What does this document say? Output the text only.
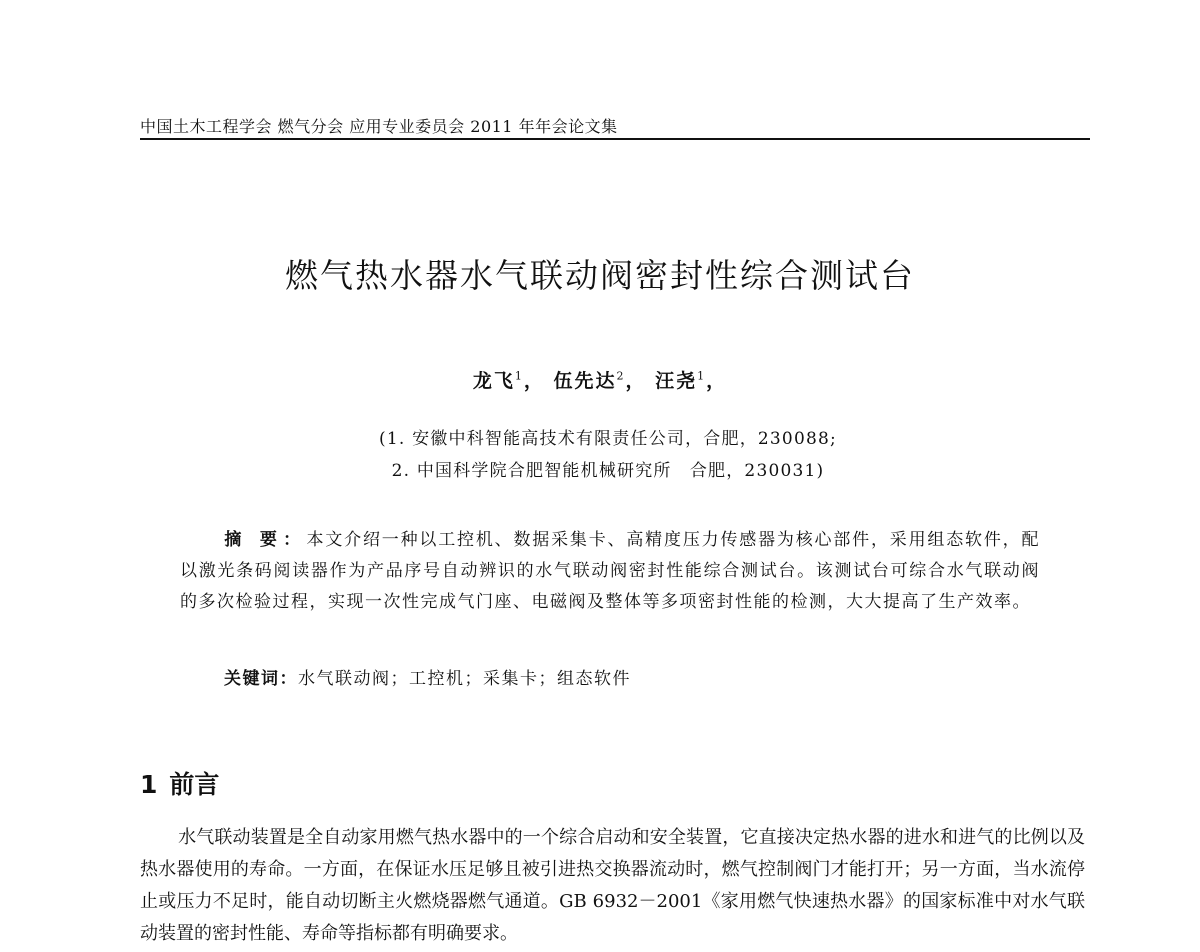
中国土木工程学会 燃气分会 应用专业委员会 2011 年年会论文集
燃气热水器水气联动阀密封性综合测试台
龙飞$^1$， 伍先达$^2$， 汪尧$^1$，
(1. 安徽中科智能高技术有限责任公司，合肥，230088;
2. 中国科学院合肥智能机械研究所　合肥，230031)
摘 要：本文介绍一种以工控机、数据采集卡、高精度压力传感器为核心部件，采用组态软件，配以激光条码阅读器作为产品序号自动辨识的水气联动阀密封性能综合测试台。该测试台可综合水气联动阀的多次检验过程，实现一次性完成气门座、电磁阀及整体等多项密封性能的检测，大大提高了生产效率。
关键词：水气联动阀；工控机；采集卡；组态软件
1 前言
水气联动装置是全自动家用燃气热水器中的一个综合启动和安全装置，它直接决定热水器的进水和进气的比例以及热水器使用的寿命。一方面，在保证水压足够且被引进热交换器流动时，燃气控制阀门才能打开；另一方面，当水流停止或压力不足时，能自动切断主火燃烧器燃气通道。GB 6932－2001《家用燃气快速热水器》的国家标准中对水气联动装置的密封性能、寿命等指标都有明确要求。
